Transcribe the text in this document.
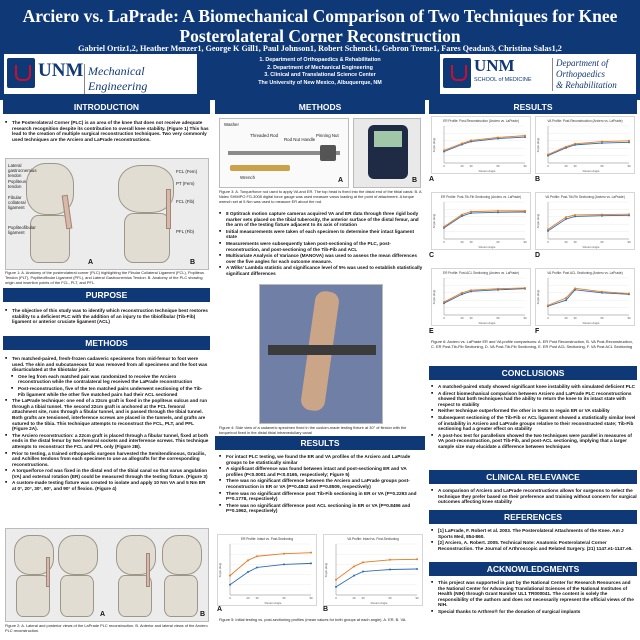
Arciero vs. LaPrade: A Biomechanical Comparison of Two Techniques for Knee Posterolateral Corner Reconstruction
Gabriel Ortiz1,2, Heather Menzer1, George K Gill1, Paul Johnson1, Robert Schenck1, Gebron Treme1, Fares Qeadan3, Christina Salas1,2
1. Department of Orthopaedics & Rehabilitation
2. Department of Mechanical Engineering
3. Clinical and Translational Science Center
The University of New Mexico, Albuquerque, NM
UNM Mechanical Engineering
UNM
SCHOOL of MEDICINE
Department of Orthopaedics
& Rehabilitation
INTRODUCTION
■ The Posterolateral Corner (PLC) is an area of the knee that does not receive adequate research recognition despite its contribution to overall knee stability. (Figure 1) This has lead to the creation of multiple surgical reconstruction techniques. Two very commonly used techniques are the Arciero and LaPrade reconstructions.
Lateral gastrocnemius tendon
Popliteus tendon
Fibular collateral ligament
Popliteofibular ligament
FCL (Fem)
PT (Fem)
FCL (Fib)
PFL (Fib)
A	B
Figure 1: A. Anatomy of the posterolateral corner (PLC) highlighting the Fibular Collateral Ligament (FCL), Popliteus Tendon (PLT), Popliteofibular Ligament (PFL), and Lateral Gastrocnemius Tendon. B. Anatomy of the PLC showing origin and insertion points of the FCL, PLT, and PFL.
PURPOSE
■ The objective of this study was to identify which reconstruction technique best restores stability to a deficient PLC with the addition of an injury to the tibiofibular (Tib-Fib) ligament or anterior cruciate ligament (ACL)
METHODS
■ Ten matched-paired, fresh-frozen cadaveric specimens from mid-femur to foot were used. The skin and subcutaneous fat was removed from all specimens and the foot was disarticulated at the tibiotalar joint.
■ One leg from each matched pair was randomized to receive the Arciero reconstruction while the contralateral leg received the LaPrade reconstruction
■ Post-reconstruction, five of the ten matched pairs underwent sectioning of the Tib-Fib ligament while the other five matched pairs had their ACL sectioned
■ The LaPrade technique: one end of a 22cm graft is fixed in the popliteus sulcus and run through a tibial tunnel. The second 22cm graft is anchored at the FCL femoral attachment site, runs through a fibular tunnel, and is passed through the tibial tunnel. Both grafts are tensioned, interference screws are placed in the tunnels, and grafts are sutured to the tibia. This technique attempts to reconstruct the FCL, PLT, and PFL (Figure 2A).
■ The Arciero reconstruction: a 22cm graft is placed through a fibular tunnel, fixed at both ends in the distal femur by two femoral sockets and interference screws. This technique attempts to reconstruct the FCL and PFL only (Figure 2B).
■ Prior to testing, a trained orthopaedic surgeon harvested the Semitendinosus, Gracilis, and Achilles tendons from each specimen to use as allografts for the corresponding reconstructions.
■ A torque/force rod was fixed in the distal end of the tibial canal so that varus angulation (VA) and external rotation (ER) could be measured through the testing fixture. (Figure 3)
■ A custom-made testing fixture was created to isolate and apply 10 Nm VA and 5 Nm ER at 0°, 20°, 30°, 60°, and 90° of flexion. (Figure 4)
A	B
Figure 2: A. Lateral and posterior views of the LaPrade PLC reconstruction. B. Anterior and lateral views of the Arciero PLC reconstruction.
METHODS
Washer
Threaded Rod
Wrench
Rod Nut Handle
Pinning Nut
A	B
Figure 3: A. Torque/force rod used to apply VA and ER. The top head is fixed into the distal end of the tibial canal. B. A Nidec SHIMPO FG-3008 digital force gauge was used measure varus loading at the point of attachment. A torque wrench set at 5 Nm was used to measure ER about the rod.
■ 8 Optitrack motion capture cameras acquired VA and ER data through three rigid body marker sets placed on the tibial tuberosity, the anterior surface of the distal femur, and the arm of the testing fixture adjacent to its axis of rotation
■ Initial measurements were taken of each specimen to determine their intact ligament state
■ Measurements were subsequently taken post-sectioning of the PLC, post-reconstruction, and post-sectioning of the Tib-Fib and ACL
■ Multivariate Analysis of Variance (MANOVA) was used to assess the mean differences over the five angles for each outcome measure.
■ A Wilks' Lambda statistic and significance level of 5% was used to establish statistically significant differences
Figure 4: Side view of a cadaveric specimen fixed in the custom-made testing fixture at 30° of flexion with the torque/rod fixed in the distal tibial intramedullary canal
RESULTS
■ For intact PLC testing, we found the ER and VA profiles of the Arciero and LaPrade groups to be statistically similar
■ A significant difference was found between intact and post-sectioning ER and VA profiles (P<0.0001 and P<0.0165, respectively; Figure 5)
■ There was no significant difference between the Arciero and LaPrade groups post-reconstruction in ER or VA (P=0.4842 and P=0.8509, respectively)
■ There was no significant difference post Tib-Fib sectioning in ER or VA (P=0.2293 and P=0.1778, respectively)
■ There was no significant difference post ACL sectioning in ER or VA (P=0.8496 and P=0.1962, respectively)
ER Profile: Intact vs. Post-Sectioning
0	20 30	60	90
Flexion Angle
Angle (deg)
A
VA Profile: Intact vs. Post-Sectioning
0	20 30	60	90
Flexion Angle
Angle (deg)
B
Figure 5: Initial testing vs. post-sectioning profiles (mean values for both groups at each angle). A. ER. B. VA.
RESULTS
ER Profile: Post-Reconstruction (Arciero vs. LaPrade)
0	20 30	60	90
Flexion Angle
Angle (deg)
A
VA Profile: Post-Reconstruction (Arciero vs. LaPrade)
0	20 30	60	90
Flexion Angle
Angle (deg)
B
ER Profile: Post-Tib-Fib Sectioning (Arciero vs. LaPrade)
0	20 30	60	90
Flexion Angle
Angle (deg)
C
VA Profile: Post-Tib-Fib Sectioning (Arciero vs. LaPrade)
0	20 30	60	90
Flexion Angle
Angle (deg)
D
ER Profile: Post ACL Sectioning (Arciero vs. LaPrade)
0	20 30	60	90
Flexion Angle
Angle (deg)
E
VA Profile: Post ACL Sectioning (Arciero vs. LaPrade)
0	20 30	60	90
Flexion Angle
Angle (deg)
F
Figure 6: Arciero vs. LaPrade ER and VA profile comparisons: A. ER Post Reconstruction, B. VA Post-Reconstruction, C. ER Post-Tib-Fib Sectioning, D. VA Post-Tib-Fib Sectioning, E. ER Post ACL Sectioning, F. VA Post ACL Sectioning
CONCLUSIONS
■ A matched-paired study showed significant knee instability with simulated deficient PLC
■ A direct biomechanical comparison between Arciero and LaPrade PLC reconstructions showed that both techniques had the ability to return the knee to its intact state with respect to stability
■ Neither technique outperformed the other in tests to regain ER or VA stability
■ Subsequent sectioning of the Tib-Fib or ACL ligament showed a statistically similar level of instability in Arciero and LaPrade groups relative to their reconstructed state; Tib-Fib sectioning had a greater effect on stability
■ A post-hoc test for parallelism showed the two techniques were parallel in measures of VA post-reconstruction, post Tib-Fib, and post-ACL sectioning, implying that a larger sample size may elucidate a difference between techniques
CLINICAL RELEVANCE
■ A comparison of Arciero and LaPrade reconstructions allows for surgeons to select the technique they prefer based on their preference and training without concern for surgical outcomes affecting knee stability
REFERENCES
■ [1] LaPrade, F. Robert et al. 2003. The Posterolateral Attachments of the Knee. Am J Sports Med, 854-860.
■ [2] Arciero, A. Robert. 2005. Technical Note: Anatomic Posterolateral Corner Reconstruction. The Journal of Arthroscopic and Related Surgery. (21) 1147.e1-1147.e5.
ACKNOWLEDGMENTS
■ This project was supported in part by the National Center for Research Resources and the National Center for Advancing Translational Sciences of the National Institutes of Health (NIH) through Grant Number UL1 TR000041. The content is solely the responsibility of the authors and does not necessarily represent the official views of the NIH.
■ Special thanks to Arthrex® for the donation of surgical implants
